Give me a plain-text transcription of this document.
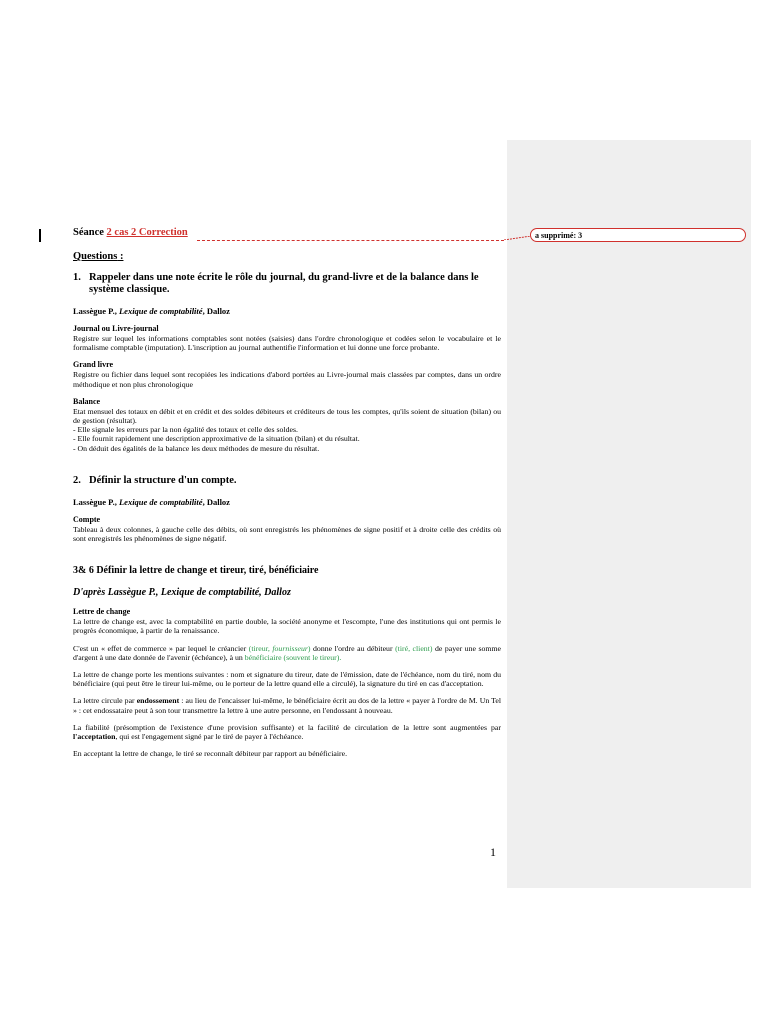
a supprimé: 3

Séance 2 cas 2 Correction

Questions :

1. Rappeler dans une note écrite le rôle du journal, du grand-livre et de la balance dans le système classique.

Lassègue P., Lexique de comptabilité, Dalloz

Journal ou Livre-journal

Registre sur lequel les informations comptables sont notées (saisies) dans l'ordre chronologique et codées selon le vocabulaire et le formalisme comptable (imputation). L'inscription au journal authentifie l'information et lui donne une force probante.

Grand livre

Registre ou fichier dans lequel sont recopiées les indications d'abord portées au Livre-journal mais classées par comptes, dans un ordre méthodique et non plus chronologique

Balance

Etat mensuel des totaux en débit et en crédit et des soldes débiteurs et créditeurs de tous les comptes, qu'ils soient de situation (bilan) ou de gestion (résultat).
- Elle signale les erreurs par la non égalité des totaux et celle des soldes.
- Elle fournit rapidement une description approximative de la situation (bilan) et du résultat.
- On déduit des égalités de la balance les deux méthodes de mesure du résultat.
2. Définir la structure d'un compte.

Lassègue P., Lexique de comptabilité, Dalloz

Compte

Tableau à deux colonnes, à gauche celle des débits, où sont enregistrés les phénomènes de signe positif et à droite celle des crédits où sont enregistrés les phénomènes de signe négatif.

3& 6 Définir la lettre de change et tireur, tiré, bénéficiaire

D'après Lassègue P., Lexique de comptabilité, Dalloz

Lettre de change

La lettre de change est, avec la comptabilité en partie double, la société anonyme et l'escompte, l'une des institutions qui ont permis le progrès économique, à partir de la renaissance.

C'est un « effet de commerce » par lequel le créancier (tireur, fournisseur) donne l'ordre au débiteur (tiré, client) de payer une somme d'argent à une date donnée de l'avenir (échéance), à un bénéficiaire (souvent le tireur).

La lettre de change porte les mentions suivantes : nom et signature du tireur, date de l'émission, date de l'échéance, nom du tiré, nom du bénéficiaire (qui peut être le tireur lui-même, ou le porteur de la lettre quand elle a circulé), la signature du tiré en cas d'acceptation.

La lettre circule par endossement : au lieu de l'encaisser lui-même, le bénéficiaire écrit au dos de la lettre « payer à l'ordre de M. Un Tel » : cet endossataire peut à son tour transmettre la lettre à une autre personne, en l'endossant à nouveau.

La fiabilité (présomption de l'existence d'une provision suffisante) et la facilité de circulation de la lettre sont augmentées par l'acceptation, qui est l'engagement signé par le tiré de payer à l'échéance.

En acceptant la lettre de change, le tiré se reconnaît débiteur par rapport au bénéficiaire.

1
